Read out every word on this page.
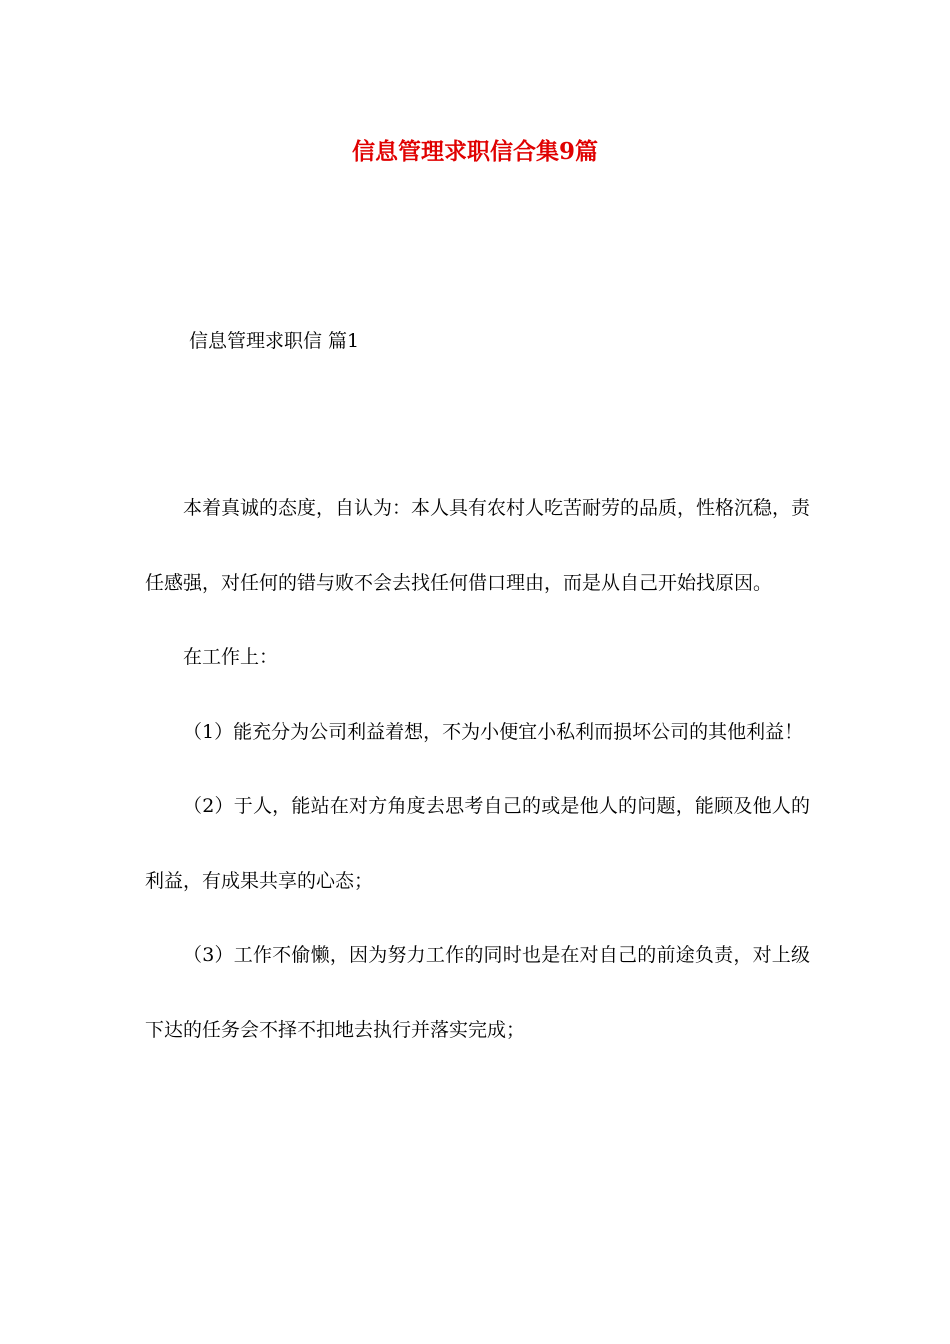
信息管理求职信合集9篇
信息管理求职信 篇1

本着真诚的态度，自认为：本人具有农村人吃苦耐劳的品质，性格沉稳，责任感强，对任何的错与败不会去找任何借口理由，而是从自己开始找原因。

在工作上：

（1）能充分为公司利益着想，不为小便宜小私利而损坏公司的其他利益！

（2）于人，能站在对方角度去思考自己的或是他人的问题，能顾及他人的利益，有成果共享的心态；

（3）工作不偷懒，因为努力工作的同时也是在对自己的前途负责，对上级下达的任务会不择不扣地去执行并落实完成；
